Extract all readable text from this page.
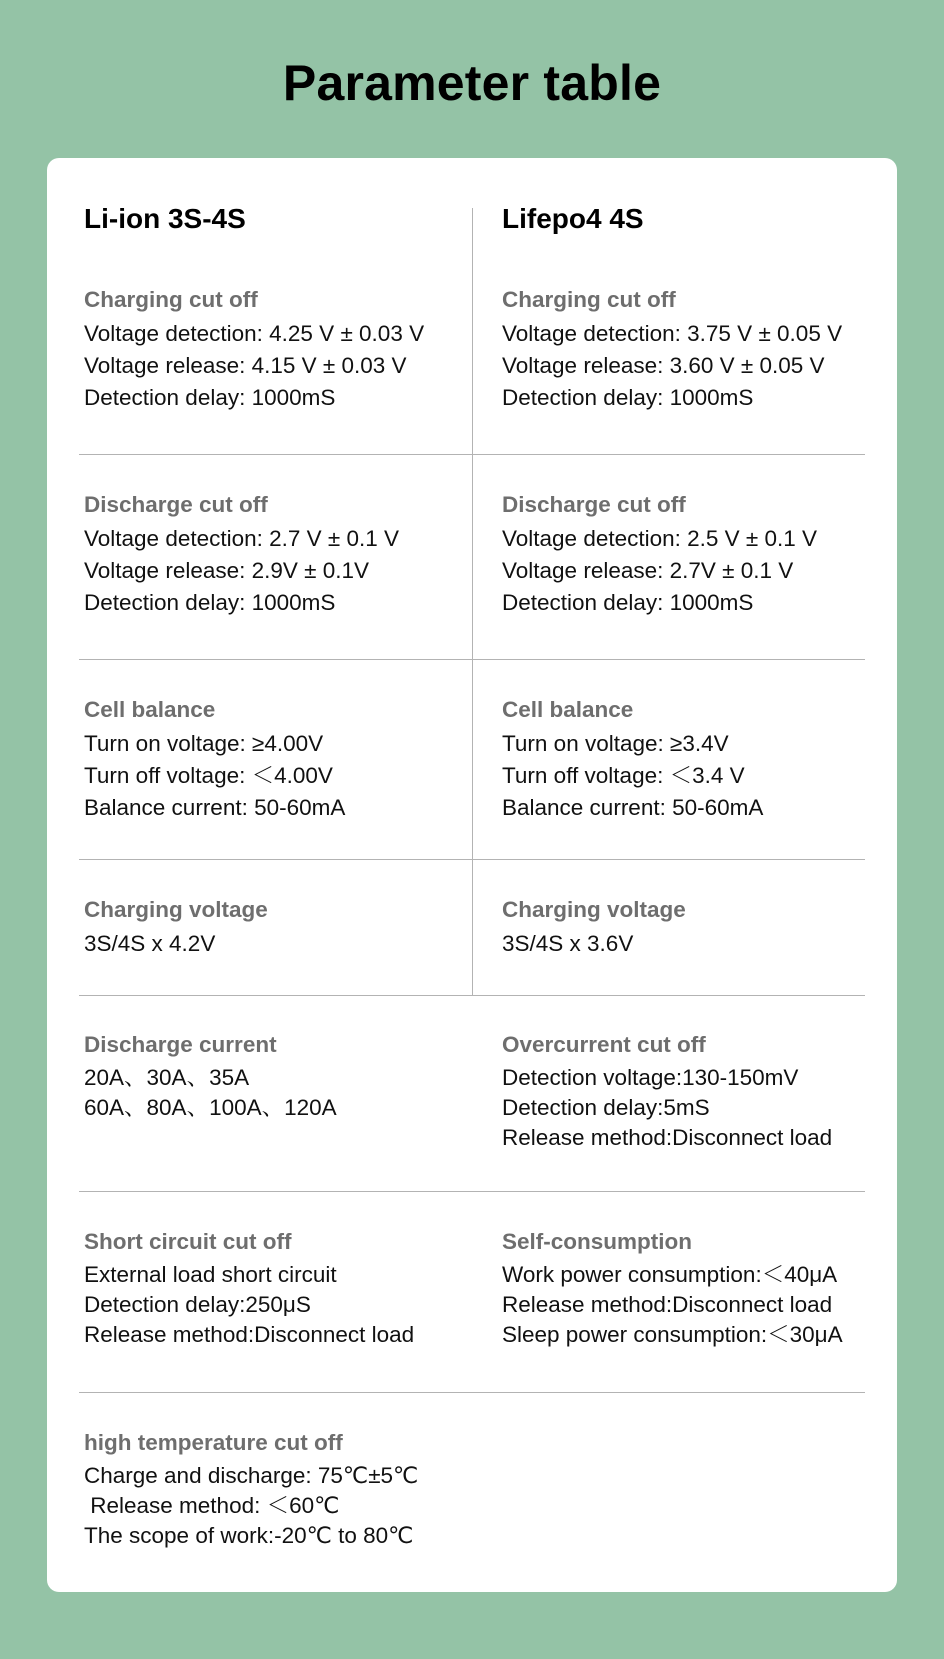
Parameter table
Li-ion 3S-4S	Lifepo4 4S
Charging cut off
Voltage detection: 4.25 V ± 0.03 V
Voltage release: 4.15 V ± 0.03 V
Detection delay: 1000mS
Charging cut off
Voltage detection: 3.75 V ± 0.05 V
Voltage release: 3.60 V ± 0.05 V
Detection delay: 1000mS
Discharge cut off
Voltage detection: 2.7 V ± 0.1 V
Voltage release: 2.9V ± 0.1V
Detection delay: 1000mS
Discharge cut off
Voltage detection: 2.5 V ± 0.1 V
Voltage release: 2.7V ± 0.1 V
Detection delay: 1000mS
Cell balance
Turn on voltage: ≥4.00V
Turn off voltage: ＜4.00V
Balance current: 50-60mA
Cell balance
Turn on voltage: ≥3.4V
Turn off voltage: ＜3.4 V
Balance current: 50-60mA
Charging voltage
3S/4S x 4.2V
Charging voltage
3S/4S x 3.6V
Discharge current
20A、30A、35A
60A、80A、100A、120A
Overcurrent cut off
Detection voltage:130-150mV
Detection delay:5mS
Release method:Disconnect load
Short circuit cut off
External load short circuit
Detection delay:250μS
Release method:Disconnect load
Self-consumption
Work power consumption:＜40μA
Release method:Disconnect load
Sleep power consumption:＜30μA
high temperature cut off
Charge and discharge: 75℃±5℃
Release method: ＜60℃
The scope of work:-20℃ to 80℃
